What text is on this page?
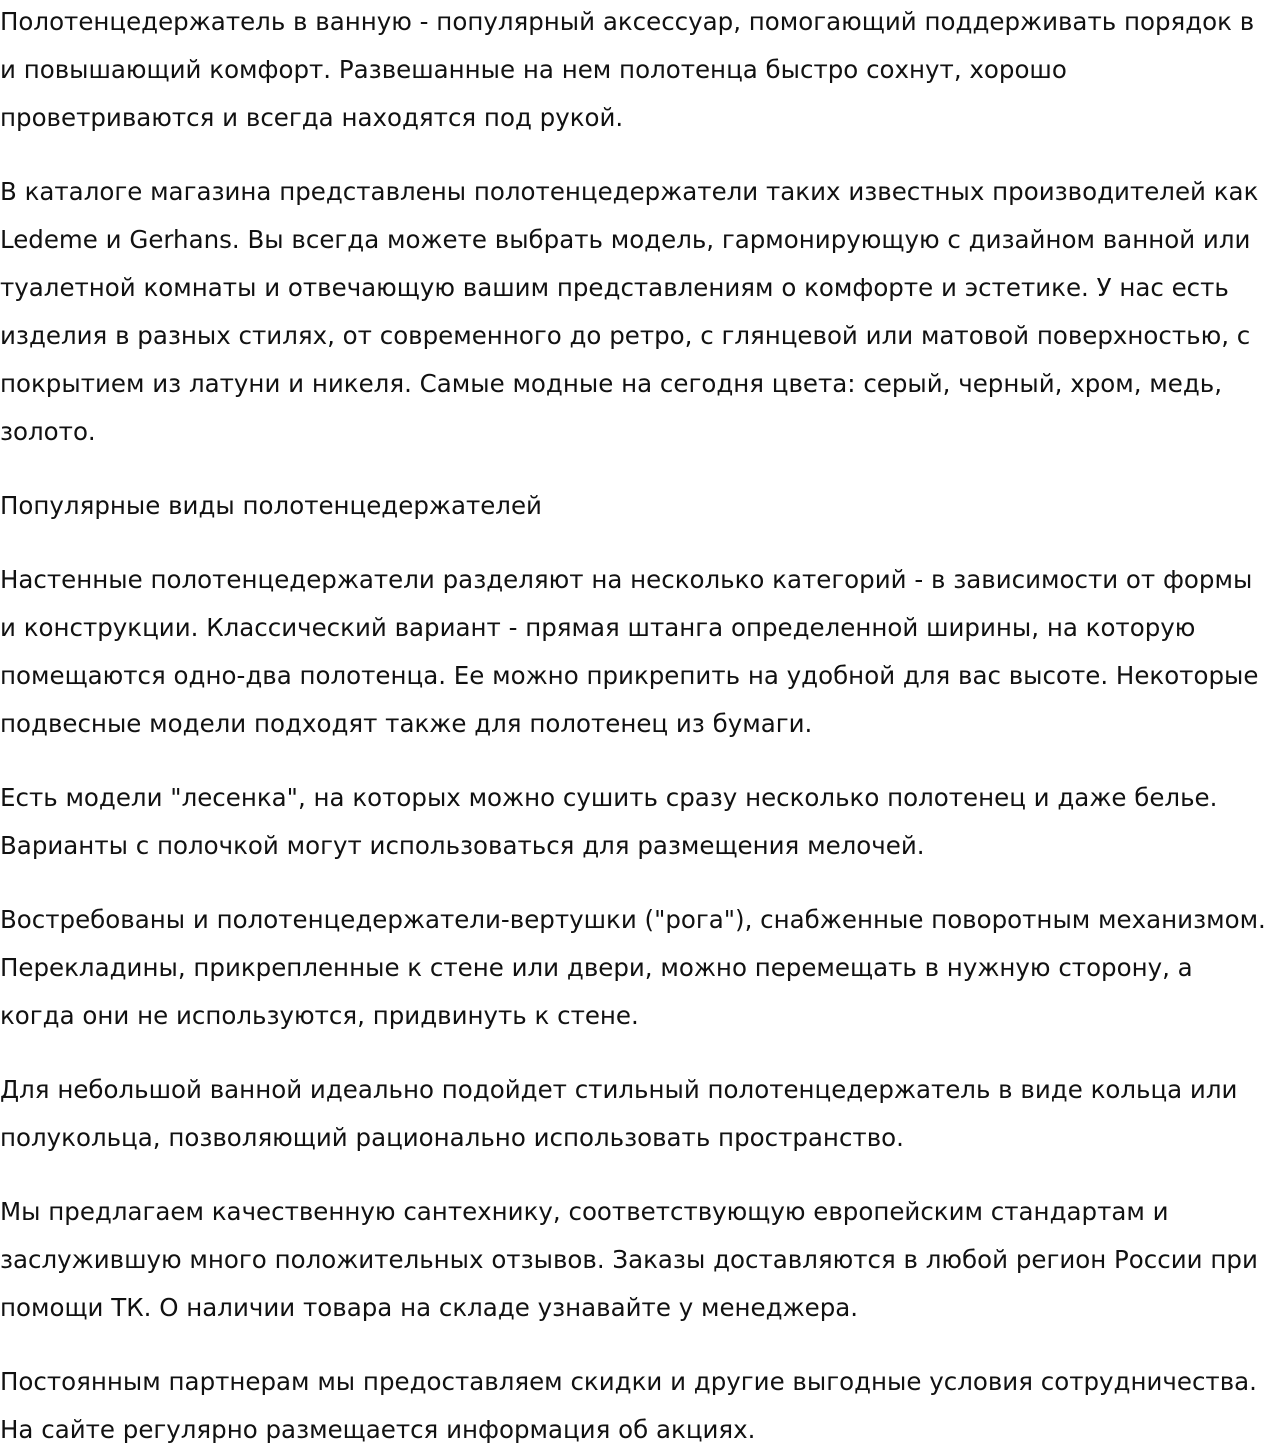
Полотенцедержатель в ванную - популярный аксессуар, помогающий поддерживать порядок в и повышающий комфорт. Развешанные на нем полотенца быстро сохнут, хорошо проветриваются и всегда находятся под рукой.

В каталоге магазина представлены полотенцедержатели таких известных производителей как Ledeme и Gerhans. Вы всегда можете выбрать модель, гармонирующую с дизайном ванной или туалетной комнаты и отвечающую вашим представлениям о комфорте и эстетике. У нас есть изделия в разных стилях, от современного до ретро, с глянцевой или матовой поверхностью, с покрытием из латуни и никеля. Самые модные на сегодня цвета: серый, черный, хром, медь, золото.

Популярные виды полотенцедержателей

Настенные полотенцедержатели разделяют на несколько категорий - в зависимости от формы и конструкции. Классический вариант - прямая штанга определенной ширины, на которую помещаются одно-два полотенца. Ее можно прикрепить на удобной для вас высоте. Некоторые подвесные модели подходят также для полотенец из бумаги.

Есть модели "лесенка", на которых можно сушить сразу несколько полотенец и даже белье. Варианты с полочкой могут использоваться для размещения мелочей.

Востребованы и полотенцедержатели-вертушки ("рога"), снабженные поворотным механизмом. Перекладины, прикрепленные к стене или двери, можно перемещать в нужную сторону, а когда они не используются, придвинуть к стене.

Для небольшой ванной идеально подойдет стильный полотенцедержатель в виде кольца или полукольца, позволяющий рационально использовать пространство.

Мы предлагаем качественную сантехнику, соответствующую европейским стандартам и заслужившую много положительных отзывов. Заказы доставляются в любой регион России при помощи ТК. О наличии товара на складе узнавайте у менеджера.

Постоянным партнерам мы предоставляем скидки и другие выгодные условия сотрудничества. На сайте регулярно размещается информация об акциях.
